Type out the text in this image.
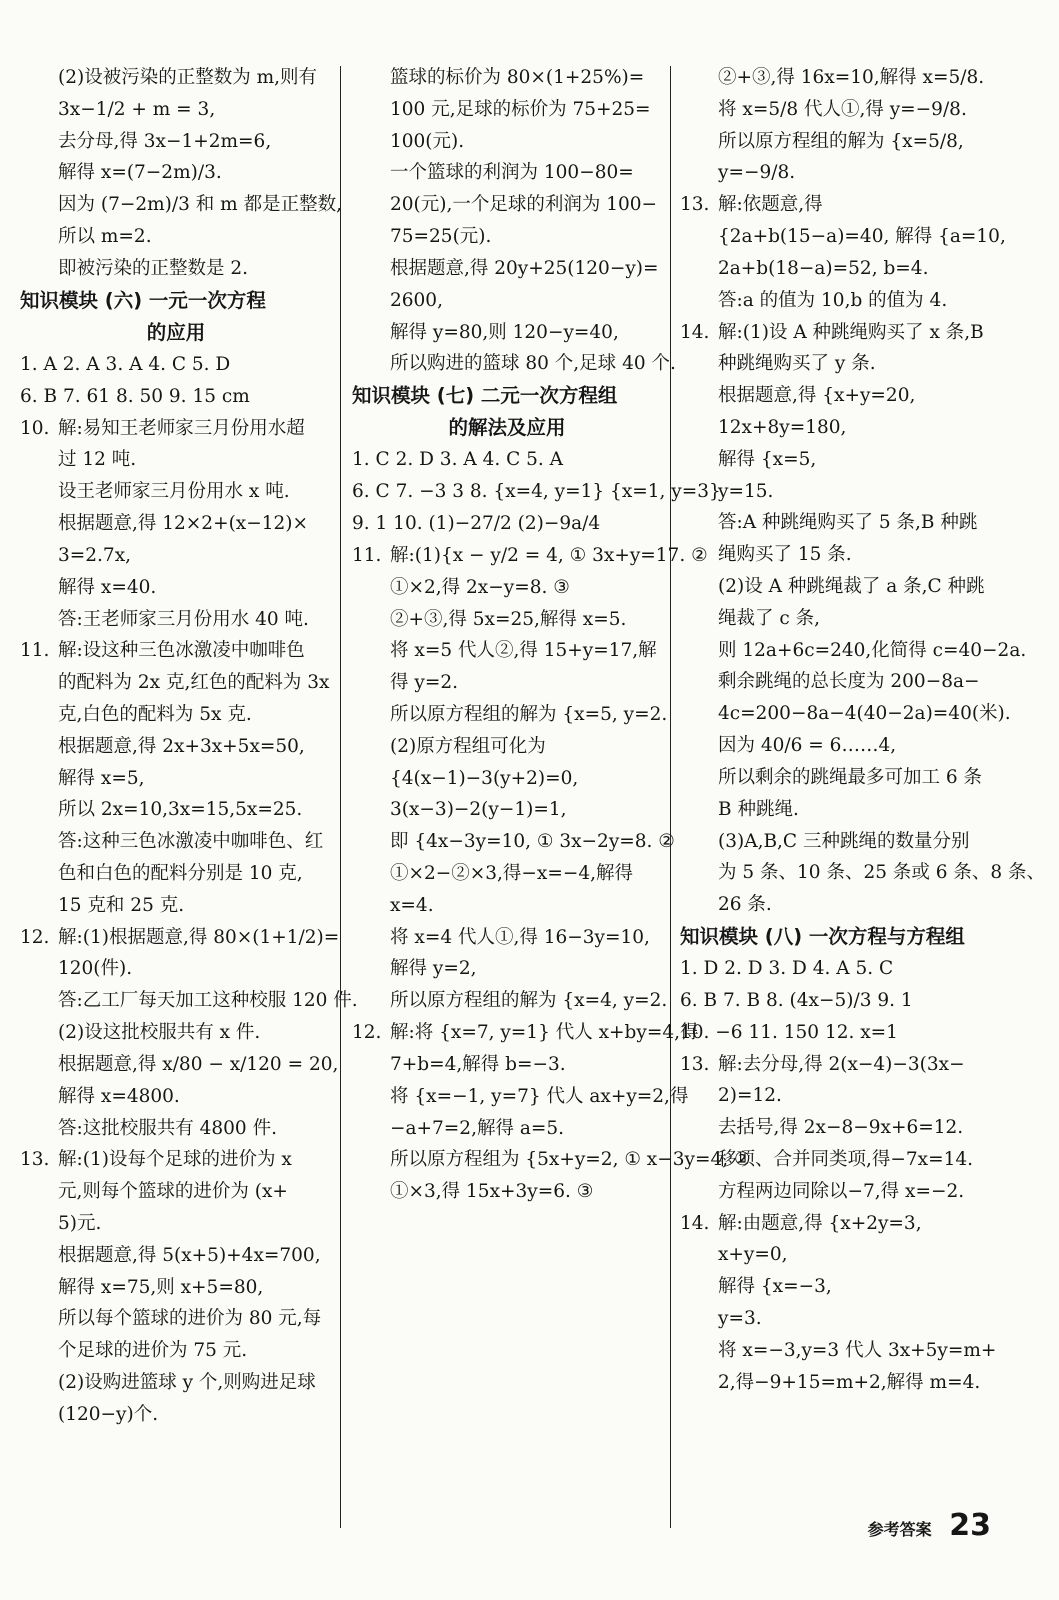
(2)设被污染的正整数为 m,则有
3x−1/2 + m = 3,
去分母,得 3x−1+2m=6,
解得 x=(7−2m)/3.
因为 (7−2m)/3 和 m 都是正整数,
所以 m=2.
即被污染的正整数是 2.
知识模块 (六) 一元一次方程
的应用
1. A 2. A 3. A 4. C 5. D
6. B 7. 61 8. 50 9. 15 cm
10. 解:易知王老师家三月份用水超
过 12 吨.
设王老师家三月份用水 x 吨.
根据题意,得 12×2+(x−12)×
3=2.7x,
解得 x=40.
答:王老师家三月份用水 40 吨.
11. 解:设这种三色冰激凌中咖啡色
的配料为 2x 克,红色的配料为 3x
克,白色的配料为 5x 克.
根据题意,得 2x+3x+5x=50,
解得 x=5,
所以 2x=10,3x=15,5x=25.
答:这种三色冰激凌中咖啡色、红
色和白色的配料分别是 10 克,
15 克和 25 克.
12. 解:(1)根据题意,得 80×(1+1/2)=
120(件).
答:乙工厂每天加工这种校服 120 件.
(2)设这批校服共有 x 件.
根据题意,得 x/80 − x/120 = 20,
解得 x=4800.
答:这批校服共有 4800 件.
13. 解:(1)设每个足球的进价为 x
元,则每个篮球的进价为 (x+
5)元.
根据题意,得 5(x+5)+4x=700,
解得 x=75,则 x+5=80,
所以每个篮球的进价为 80 元,每
个足球的进价为 75 元.
(2)设购进篮球 y 个,则购进足球
(120−y)个.
篮球的标价为 80×(1+25%)=
100 元,足球的标价为 75+25=
100(元).
一个篮球的利润为 100−80=
20(元),一个足球的利润为 100−
75=25(元).
根据题意,得 20y+25(120−y)=
2600,
解得 y=80,则 120−y=40,
所以购进的篮球 80 个,足球 40 个.
知识模块 (七) 二元一次方程组
的解法及应用
1. C 2. D 3. A 4. C 5. A
6. C 7. −3 3 8. {x=4, y=1} {x=1, y=3}
9. 1 10. (1)−27/2 (2)−9a/4
11. 解:(1){x − y/2 = 4, ① 3x+y=17. ②
①×2,得 2x−y=8. ③
②+③,得 5x=25,解得 x=5.
将 x=5 代人②,得 15+y=17,解
得 y=2.
所以原方程组的解为 {x=5, y=2.
(2)原方程组可化为
{4(x−1)−3(y+2)=0,
3(x−3)−2(y−1)=1,
即 {4x−3y=10, ① 3x−2y=8. ②
①×2−②×3,得−x=−4,解得
x=4.
将 x=4 代人①,得 16−3y=10,
解得 y=2,
所以原方程组的解为 {x=4, y=2.
12. 解:将 {x=7, y=1} 代人 x+by=4,得
7+b=4,解得 b=−3.
将 {x=−1, y=7} 代人 ax+y=2,得
−a+7=2,解得 a=5.
所以原方程组为 {5x+y=2, ① x−3y=4, ②
①×3,得 15x+3y=6. ③
②+③,得 16x=10,解得 x=5/8.
将 x=5/8 代人①,得 y=−9/8.
所以原方程组的解为 {x=5/8,
y=−9/8.
13. 解:依题意,得
{2a+b(15−a)=40, 解得 {a=10,
2a+b(18−a)=52, b=4.
答:a 的值为 10,b 的值为 4.
14. 解:(1)设 A 种跳绳购买了 x 条,B
种跳绳购买了 y 条.
根据题意,得 {x+y=20,
12x+8y=180,
解得 {x=5,
y=15.
答:A 种跳绳购买了 5 条,B 种跳
绳购买了 15 条.
(2)设 A 种跳绳裁了 a 条,C 种跳
绳裁了 c 条,
则 12a+6c=240,化简得 c=40−2a.
剩余跳绳的总长度为 200−8a−
4c=200−8a−4(40−2a)=40(米).
因为 40/6 = 6……4,
所以剩余的跳绳最多可加工 6 条
B 种跳绳.
(3)A,B,C 三种跳绳的数量分别
为 5 条、10 条、25 条或 6 条、8 条、
26 条.
知识模块 (八) 一次方程与方程组
1. D 2. D 3. D 4. A 5. C
6. B 7. B 8. (4x−5)/3 9. 1
10. −6 11. 150 12. x=1
13. 解:去分母,得 2(x−4)−3(3x−
2)=12.
去括号,得 2x−8−9x+6=12.
移项、合并同类项,得−7x=14.
方程两边同除以−7,得 x=−2.
14. 解:由题意,得 {x+2y=3,
x+y=0,
解得 {x=−3,
y=3.
将 x=−3,y=3 代人 3x+5y=m+
2,得−9+15=m+2,解得 m=4.
参考答案 23
